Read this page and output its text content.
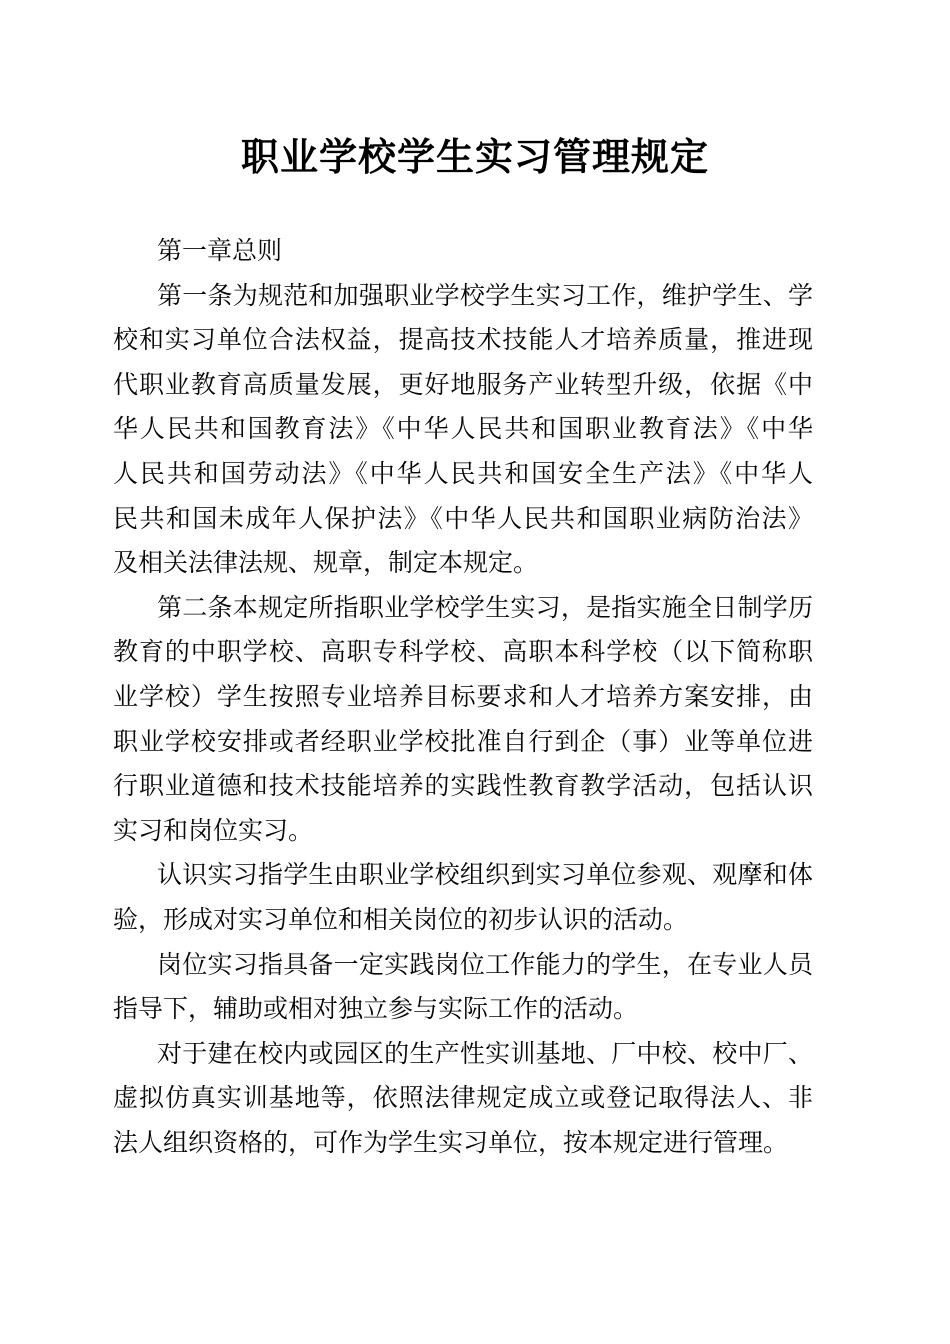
职业学校学生实习管理规定
第一章总则
第一条为规范和加强职业学校学生实习工作，维护学生、学
校和实习单位合法权益，提高技术技能人才培养质量，推进现
代职业教育高质量发展，更好地服务产业转型升级，依据《中
华人民共和国教育法》《中华人民共和国职业教育法》《中华
人民共和国劳动法》《中华人民共和国安全生产法》《中华人
民共和国未成年人保护法》《中华人民共和国职业病防治法》
及相关法律法规、规章，制定本规定。
第二条本规定所指职业学校学生实习，是指实施全日制学历
教育的中职学校、高职专科学校、高职本科学校（以下简称职
业学校）学生按照专业培养目标要求和人才培养方案安排，由
职业学校安排或者经职业学校批准自行到企（事）业等单位进
行职业道德和技术技能培养的实践性教育教学活动，包括认识
实习和岗位实习。
认识实习指学生由职业学校组织到实习单位参观、观摩和体
验，形成对实习单位和相关岗位的初步认识的活动。
岗位实习指具备一定实践岗位工作能力的学生，在专业人员
指导下，辅助或相对独立参与实际工作的活动。
对于建在校内或园区的生产性实训基地、厂中校、校中厂、
虚拟仿真实训基地等，依照法律规定成立或登记取得法人、非
法人组织资格的，可作为学生实习单位，按本规定进行管理。
